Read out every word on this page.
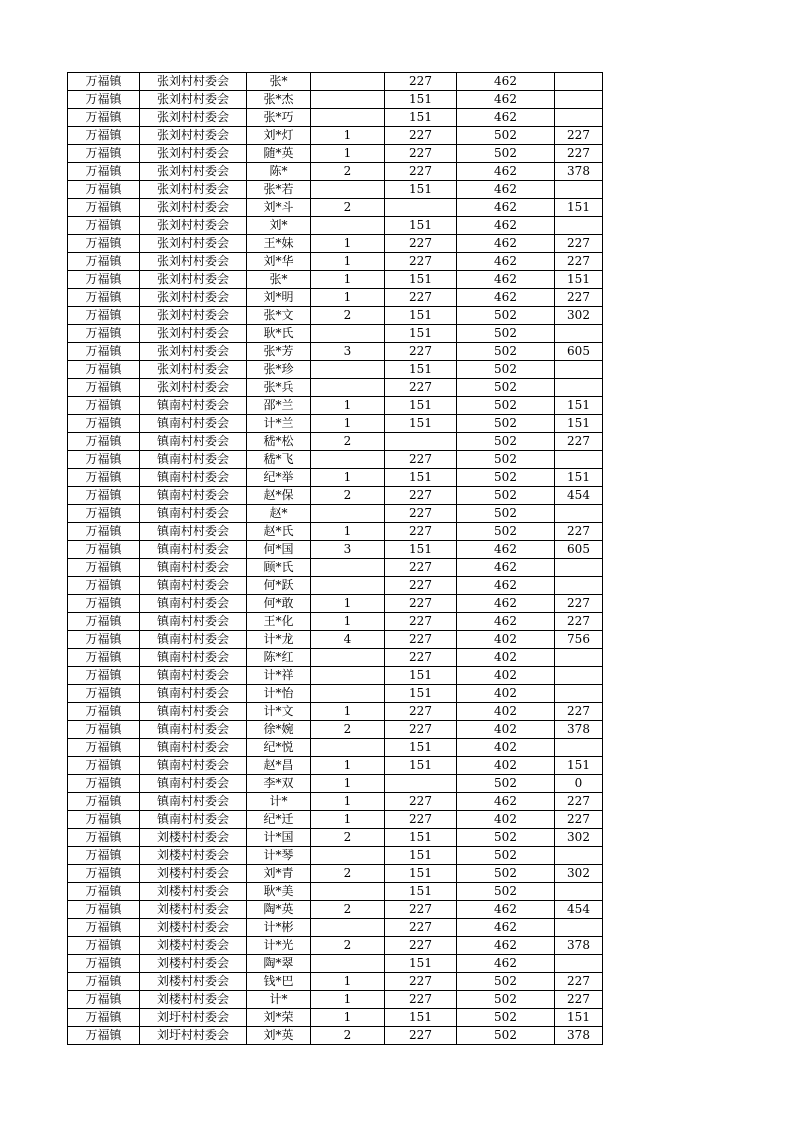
万福镇	张刘村村委会	张*		227	462	
万福镇	张刘村村委会	张*杰		151	462	
万福镇	张刘村村委会	张*巧		151	462	
万福镇	张刘村村委会	刘*灯	1	227	502	227
万福镇	张刘村村委会	随*英	1	227	502	227
万福镇	张刘村村委会	陈*	2	227	462	378
万福镇	张刘村村委会	张*若		151	462	
万福镇	张刘村村委会	刘*斗	2		462	151
万福镇	张刘村村委会	刘*		151	462	
万福镇	张刘村村委会	王*妹	1	227	462	227
万福镇	张刘村村委会	刘*华	1	227	462	227
万福镇	张刘村村委会	张*	1	151	462	151
万福镇	张刘村村委会	刘*明	1	227	462	227
万福镇	张刘村村委会	张*文	2	151	502	302
万福镇	张刘村村委会	耿*氏		151	502	
万福镇	张刘村村委会	张*芳	3	227	502	605
万福镇	张刘村村委会	张*珍		151	502	
万福镇	张刘村村委会	张*兵		227	502	
万福镇	镇南村村委会	邵*兰	1	151	502	151
万福镇	镇南村村委会	计*兰	1	151	502	151
万福镇	镇南村村委会	嵇*松	2		502	227
万福镇	镇南村村委会	嵇*飞		227	502	
万福镇	镇南村村委会	纪*举	1	151	502	151
万福镇	镇南村村委会	赵*保	2	227	502	454
万福镇	镇南村村委会	赵*		227	502	
万福镇	镇南村村委会	赵*氏	1	227	502	227
万福镇	镇南村村委会	何*国	3	151	462	605
万福镇	镇南村村委会	顾*氏		227	462	
万福镇	镇南村村委会	何*跃		227	462	
万福镇	镇南村村委会	何*敢	1	227	462	227
万福镇	镇南村村委会	王*化	1	227	462	227
万福镇	镇南村村委会	计*龙	4	227	402	756
万福镇	镇南村村委会	陈*红		227	402	
万福镇	镇南村村委会	计*祥		151	402	
万福镇	镇南村村委会	计*怡		151	402	
万福镇	镇南村村委会	计*文	1	227	402	227
万福镇	镇南村村委会	徐*婉	2	227	402	378
万福镇	镇南村村委会	纪*悦		151	402	
万福镇	镇南村村委会	赵*昌	1	151	402	151
万福镇	镇南村村委会	李*双	1		502	0
万福镇	镇南村村委会	计*	1	227	462	227
万福镇	镇南村村委会	纪*迁	1	227	402	227
万福镇	刘楼村村委会	计*国	2	151	502	302
万福镇	刘楼村村委会	计*琴		151	502	
万福镇	刘楼村村委会	刘*青	2	151	502	302
万福镇	刘楼村村委会	耿*美		151	502	
万福镇	刘楼村村委会	陶*英	2	227	462	454
万福镇	刘楼村村委会	计*彬		227	462	
万福镇	刘楼村村委会	计*光	2	227	462	378
万福镇	刘楼村村委会	陶*翠		151	462	
万福镇	刘楼村村委会	钱*巴	1	227	502	227
万福镇	刘楼村村委会	计*	1	227	502	227
万福镇	刘圩村村委会	刘*荣	1	151	502	151
万福镇	刘圩村村委会	刘*英	2	227	502	378
